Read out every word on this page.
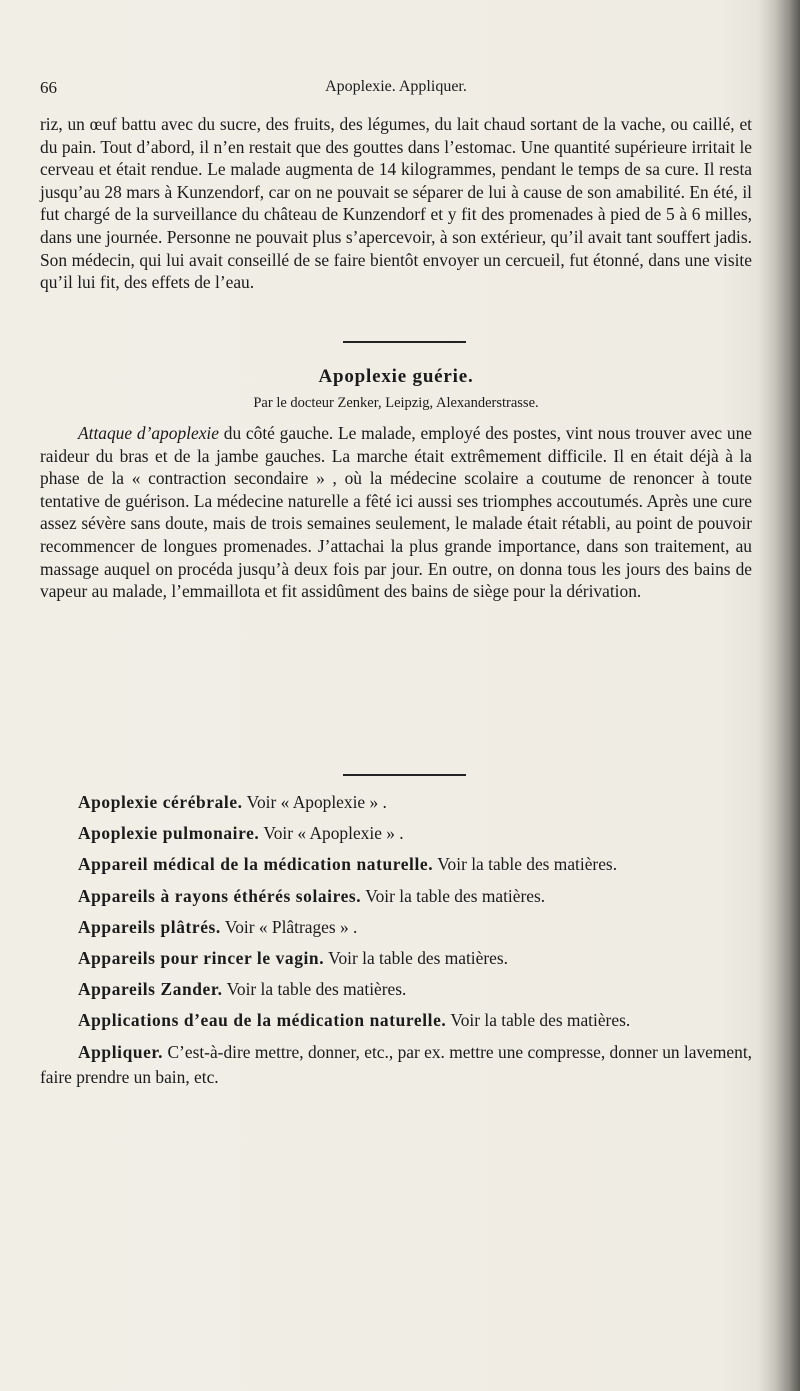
66	Apoplexie. Appliquer.

riz, un œuf battu avec du sucre, des fruits, des légumes, du lait chaud sortant de la vache, ou caillé, et du pain. Tout d’abord, il n’en restait que des gouttes dans l’estomac. Une quantité supérieure irritait le cerveau et était rendue. Le malade augmenta de 14 kilogrammes, pendant le temps de sa cure. Il resta jusqu’au 28 mars à Kunzendorf, car on ne pouvait se séparer de lui à cause de son amabilité. En été, il fut chargé de la surveillance du château de Kunzendorf et y fit des promenades à pied de 5 à 6 milles, dans une journée. Personne ne pouvait plus s’apercevoir, à son extérieur, qu’il avait tant souffert jadis. Son médecin, qui lui avait conseillé de se faire bientôt envoyer un cercueil, fut étonné, dans une visite qu’il lui fit, des effets de l’eau.

Apoplexie guérie.
Par le docteur Zenker, Leipzig, Alexanderstrasse.

Attaque d’apoplexie du côté gauche. Le malade, employé des postes, vint nous trouver avec une raideur du bras et de la jambe gauches. La marche était extrêmement difficile. Il en était déjà à la phase de la « contraction secondaire » , où la médecine scolaire a coutume de renoncer à toute tentative de guérison. La médecine naturelle a fêté ici aussi ses triomphes accoutumés. Après une cure assez sévère sans doute, mais de trois semaines seulement, le malade était rétabli, au point de pouvoir recommencer de longues promenades. J’attachai la plus grande importance, dans son traitement, au massage auquel on procéda jusqu’à deux fois par jour. En outre, on donna tous les jours des bains de vapeur au malade, l’emmaillota et fit assidûment des bains de siège pour la dérivation.

Apoplexie cérébrale. Voir « Apoplexie » .

Apoplexie pulmonaire. Voir « Apoplexie » .

Appareil médical de la médication naturelle. Voir la table des matières.

Appareils à rayons éthérés solaires. Voir la table des matières.

Appareils plâtrés. Voir « Plâtrages » .

Appareils pour rincer le vagin. Voir la table des matières.

Appareils Zander. Voir la table des matières.

Applications d’eau de la médication naturelle. Voir la table des matières.

Appliquer. C’est-à-dire mettre, donner, etc., par ex. mettre une compresse, donner un lavement, faire prendre un bain, etc.
